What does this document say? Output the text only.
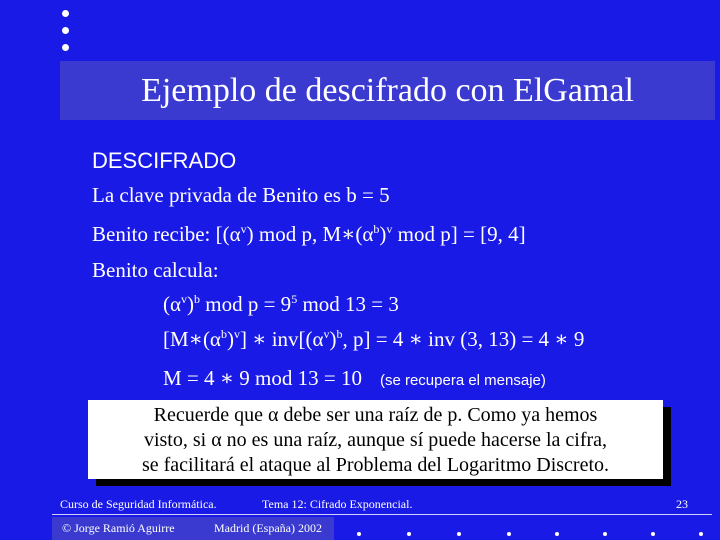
Ejemplo de descifrado con ElGamal
DESCIFRADO
La clave privada de Benito es b = 5
Benito recibe: [$(\alpha^v)$ mod p, $M∗(\alpha^b)^v$ mod p] = [9, 4]
Benito calcula:
$(\alpha^v)^b$ mod $p = 9^5$ mod 13 = 3
$[M∗(\alpha^b)^v]$ ∗ $inv[(\alpha^v)^b$, p] = 4 ∗ inv (3, 13) = 4 ∗ 9
M = 4 ∗ 9 mod 13 = 10 (se recupera el mensaje)
Recuerde que α debe ser una raíz de p. Como ya hemos
visto, si α no es una raíz, aunque sí puede hacerse la cifra,
se facilitará el ataque al Problema del Logaritmo Discreto.
Curso de Seguridad Informática.	Tema 12: Cifrado Exponencial.	23
© Jorge Ramió Aguirre	Madrid (España) 2002
